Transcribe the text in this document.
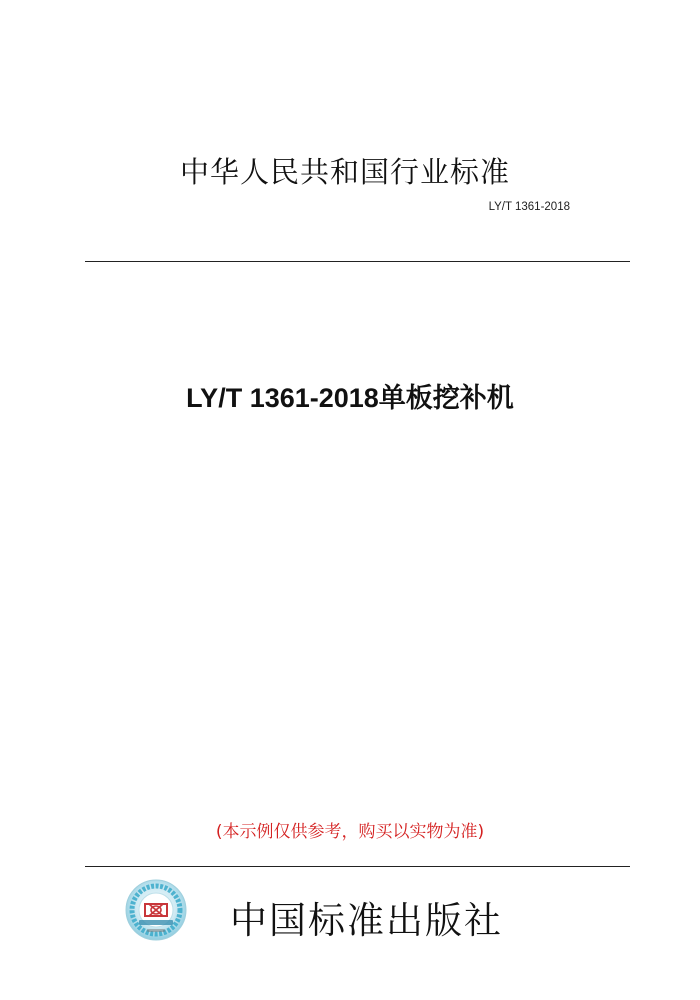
中华人民共和国行业标准
LY/T 1361-2018
LY/T 1361-2018单板挖补机
(本示例仅供参考，购买以实物为准)
中国标准出版社
